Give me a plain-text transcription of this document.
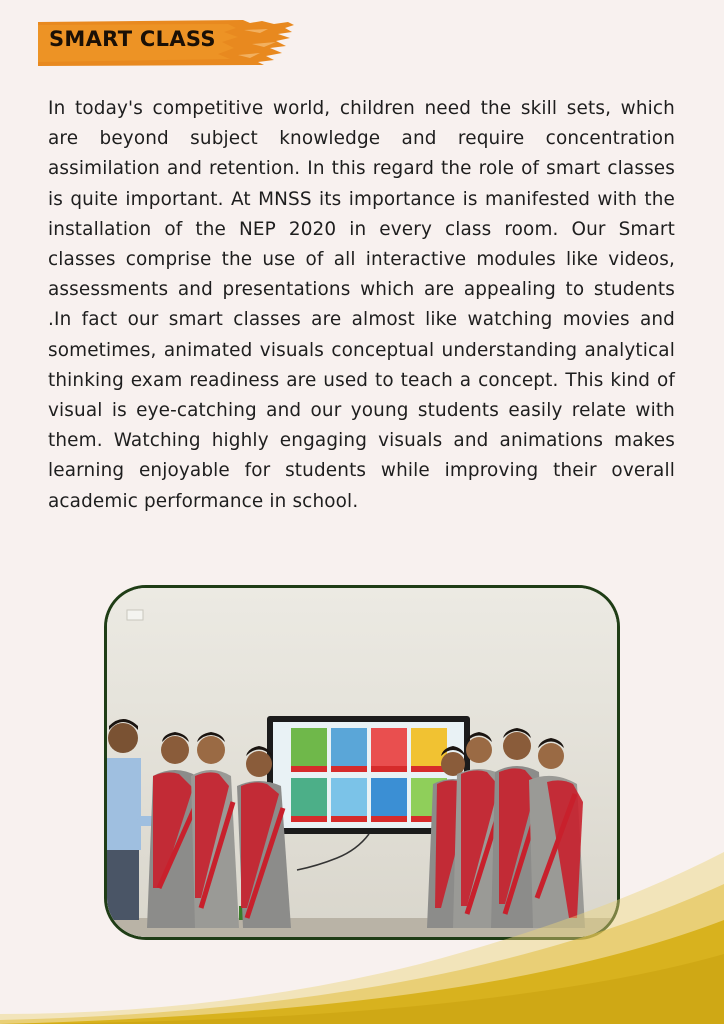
SMART CLASS

In today's competitive world, children need the skill sets, which are beyond subject knowledge and require concentration assimilation and retention. In this regard the role of smart classes is quite important. At MNSS its importance is manifested with the installation of the NEP 2020 in every class room. Our Smart classes comprise the use of all interactive modules like videos, assessments and presentations which are appealing to students .In fact our smart classes are almost like watching movies and sometimes, animated visuals conceptual understanding analytical thinking exam readiness are used to teach a concept. This kind of visual is eye-catching and our young students easily relate with them. Watching highly engaging visuals and animations makes learning enjoyable for students while improving their overall academic performance in school.
